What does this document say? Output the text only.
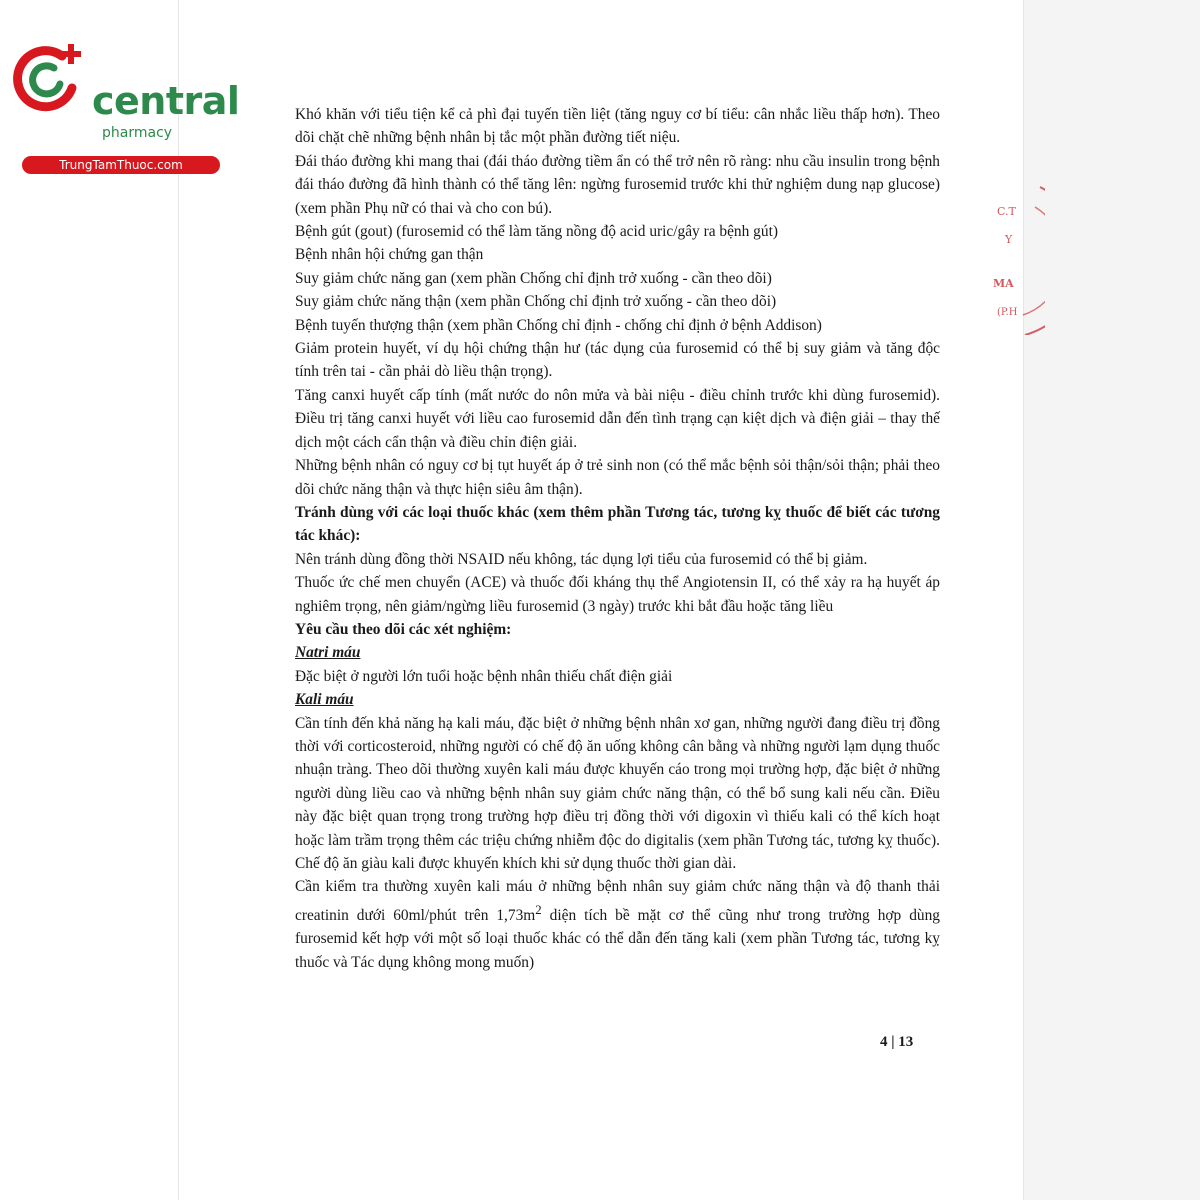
central
pharmacy
TrungTamThuoc.com
C.T
Y
MA
(P.H

Khó khăn với tiểu tiện kể cả phì đại tuyến tiền liệt (tăng nguy cơ bí tiểu: cân nhắc liều thấp hơn). Theo dõi chặt chẽ những bệnh nhân bị tắc một phần đường tiết niệu.

Đái tháo đường khi mang thai (đái tháo đường tiềm ẩn có thể trở nên rõ ràng: nhu cầu insulin trong bệnh đái tháo đường đã hình thành có thể tăng lên: ngừng furosemid trước khi thử nghiệm dung nạp glucose) (xem phần Phụ nữ có thai và cho con bú).

Bệnh gút (gout) (furosemid có thể làm tăng nồng độ acid uric/gây ra bệnh gút)

Bệnh nhân hội chứng gan thận

Suy giảm chức năng gan (xem phần Chống chỉ định trở xuống - cần theo dõi)

Suy giảm chức năng thận (xem phần Chống chỉ định trở xuống - cần theo dõi)

Bệnh tuyến thượng thận (xem phần Chống chỉ định - chống chỉ định ở bệnh Addison)

Giảm protein huyết, ví dụ hội chứng thận hư (tác dụng của furosemid có thể bị suy giảm và tăng độc tính trên tai - cần phải dò liều thận trọng).

Tăng canxi huyết cấp tính (mất nước do nôn mửa và bài niệu - điều chỉnh trước khi dùng furosemid). Điều trị tăng canxi huyết với liều cao furosemid dẫn đến tình trạng cạn kiệt dịch và điện giải – thay thế dịch một cách cẩn thận và điều chỉn điện giải.

Những bệnh nhân có nguy cơ bị tụt huyết áp ở trẻ sinh non (có thể mắc bệnh sỏi thận/sỏi thận; phải theo dõi chức năng thận và thực hiện siêu âm thận).

Tránh dùng với các loại thuốc khác (xem thêm phần Tương tác, tương kỵ thuốc để biết các tương tác khác):

Nên tránh dùng đồng thời NSAID nếu không, tác dụng lợi tiểu của furosemid có thể bị giảm.

Thuốc ức chế men chuyển (ACE) và thuốc đối kháng thụ thể Angiotensin II, có thể xảy ra hạ huyết áp nghiêm trọng, nên giảm/ngừng liều furosemid (3 ngày) trước khi bắt đầu hoặc tăng liều

Yêu cầu theo dõi các xét nghiệm:

Natri máu

Đặc biệt ở người lớn tuổi hoặc bệnh nhân thiếu chất điện giải

Kali máu

Cần tính đến khả năng hạ kali máu, đặc biệt ở những bệnh nhân xơ gan, những người đang điều trị đồng thời với corticosteroid, những người có chế độ ăn uống không cân bằng và những người lạm dụng thuốc nhuận tràng. Theo dõi thường xuyên kali máu được khuyến cáo trong mọi trường hợp, đặc biệt ở những người dùng liều cao và những bệnh nhân suy giảm chức năng thận, có thể bổ sung kali nếu cần. Điều này đặc biệt quan trọng trong trường hợp điều trị đồng thời với digoxin vì thiếu kali có thể kích hoạt hoặc làm trầm trọng thêm các triệu chứng nhiễm độc do digitalis (xem phần Tương tác, tương kỵ thuốc). Chế độ ăn giàu kali được khuyến khích khi sử dụng thuốc thời gian dài.

Cần kiểm tra thường xuyên kali máu ở những bệnh nhân suy giảm chức năng thận và độ thanh thải creatinin dưới 60ml/phút trên $1,73m^2$ diện tích bề mặt cơ thể cũng như trong trường hợp dùng furosemid kết hợp với một số loại thuốc khác có thể dẫn đến tăng kali (xem phần Tương tác, tương kỵ thuốc và Tác dụng không mong muốn)

4 | 13
